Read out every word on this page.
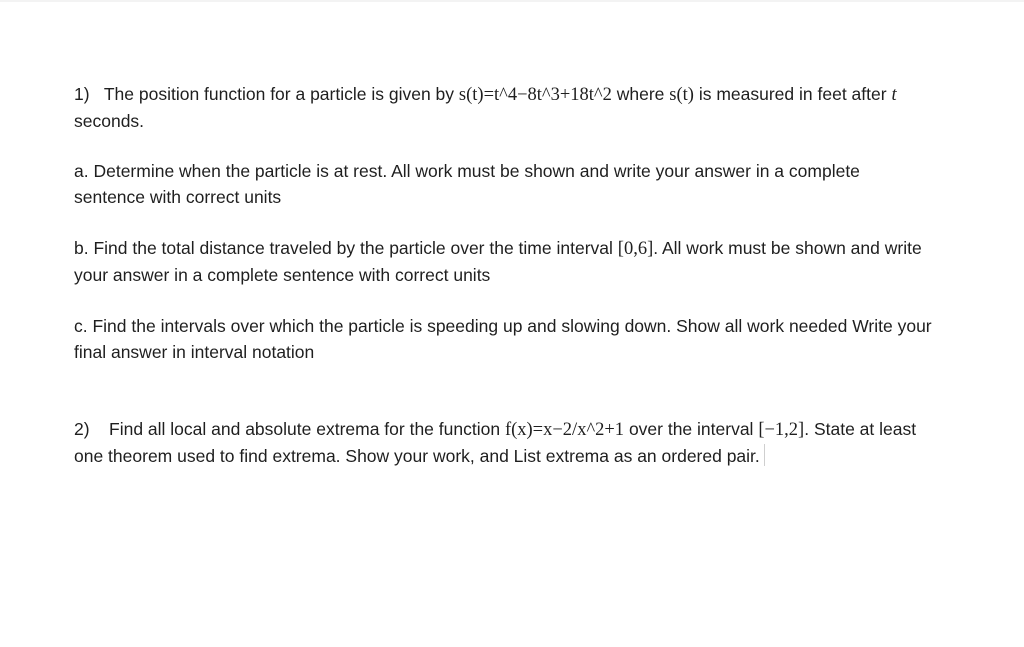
1) The position function for a particle is given by s(t)=t^4−8t^3+18t^2 where s(t) is measured in feet after t seconds.
a. Determine when the particle is at rest. All work must be shown and write your answer in a complete sentence with correct units
b. Find the total distance traveled by the particle over the time interval [0,6]. All work must be shown and write your answer in a complete sentence with correct units
c. Find the intervals over which the particle is speeding up and slowing down. Show all work needed Write your final answer in interval notation
2) Find all local and absolute extrema for the function f(x)=x−2/x^2+1 over the interval [−1,2]. State at least one theorem used to find extrema. Show your work, and List extrema as an ordered pair.
